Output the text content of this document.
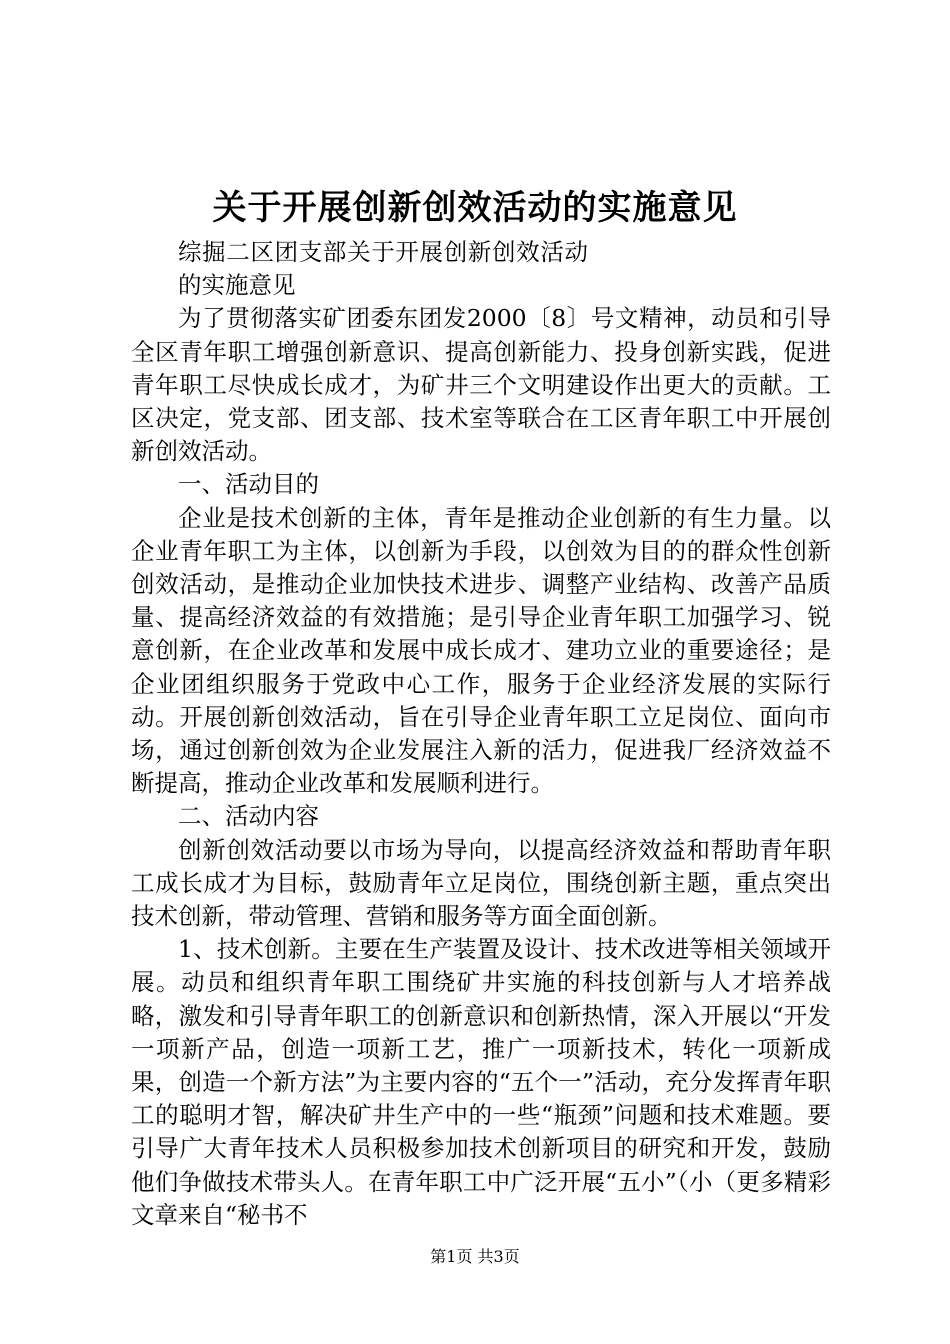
关于开展创新创效活动的实施意见

综掘二区团支部关于开展创新创效活动的实施意见

为了贯彻落实矿团委东团发2000〔8〕号文精神，动员和引导全区青年职工增强创新意识、提高创新能力、投身创新实践，促进青年职工尽快成长成才，为矿井三个文明建设作出更大的贡献。工区决定，党支部、团支部、技术室等联合在工区青年职工中开展创新创效活动。

一、活动目的

企业是技术创新的主体，青年是推动企业创新的有生力量。以企业青年职工为主体，以创新为手段，以创效为目的的群众性创新创效活动，是推动企业加快技术进步、调整产业结构、改善产品质量、提高经济效益的有效措施；是引导企业青年职工加强学习、锐意创新，在企业改革和发展中成长成才、建功立业的重要途径；是企业团组织服务于党政中心工作，服务于企业经济发展的实际行动。开展创新创效活动，旨在引导企业青年职工立足岗位、面向市场，通过创新创效为企业发展注入新的活力，促进我厂经济效益不断提高，推动企业改革和发展顺利进行。

二、活动内容

创新创效活动要以市场为导向，以提高经济效益和帮助青年职工成长成才为目标，鼓励青年立足岗位，围绕创新主题，重点突出技术创新，带动管理、营销和服务等方面全面创新。

1、技术创新。主要在生产装置及设计、技术改进等相关领域开展。动员和组织青年职工围绕矿井实施的科技创新与人才培养战略，激发和引导青年职工的创新意识和创新热情，深入开展以“开发一项新产品，创造一项新工艺，推广一项新技术，转化一项新成果，创造一个新方法”为主要内容的“五个一”活动，充分发挥青年职工的聪明才智，解决矿井生产中的一些“瓶颈”问题和技术难题。要引导广大青年技术人员积极参加技术创新项目的研究和开发，鼓励他们争做技术带头人。在青年职工中广泛开展“五小”（小（更多精彩文章来自“秘书不

第1页 共3页
